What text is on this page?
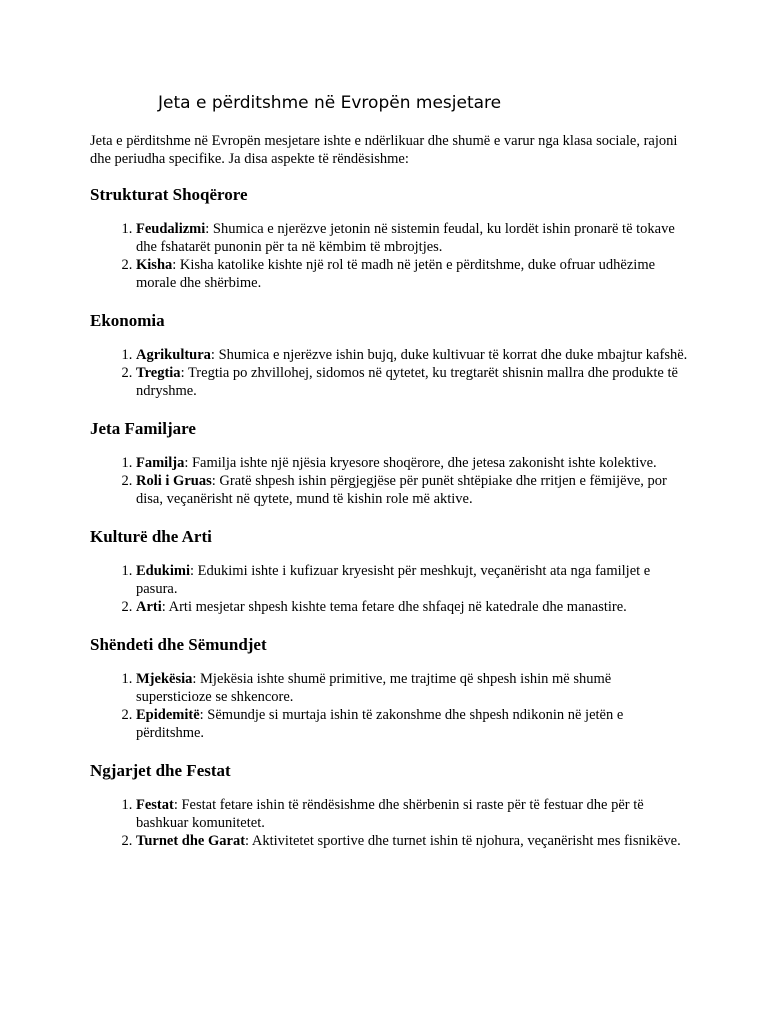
Jeta e përditshme në Evropën mesjetare

Jeta e përditshme në Evropën mesjetare ishte e ndërlikuar dhe shumë e varur nga klasa sociale, rajoni dhe periudha specifike. Ja disa aspekte të rëndësishme:

Strukturat Shoqërore
1. Feudalizmi: Shumica e njerëzve jetonin në sistemin feudal, ku lordët ishin pronarë të tokave dhe fshatarët punonin për ta në këmbim të mbrojtjes.
2. Kisha: Kisha katolike kishte një rol të madh në jetën e përditshme, duke ofruar udhëzime morale dhe shërbime.
Ekonomia
1. Agrikultura: Shumica e njerëzve ishin bujq, duke kultivuar të korrat dhe duke mbajtur kafshë.
2. Tregtia: Tregtia po zhvillohej, sidomos në qytetet, ku tregtarët shisnin mallra dhe produkte të ndryshme.
Jeta Familjare
1. Familja: Familja ishte një njësia kryesore shoqërore, dhe jetesa zakonisht ishte kolektive.
2. Roli i Gruas: Gratë shpesh ishin përgjegjëse për punët shtëpiake dhe rritjen e fëmijëve, por disa, veçanërisht në qytete, mund të kishin role më aktive.
Kulturë dhe Arti
1. Edukimi: Edukimi ishte i kufizuar kryesisht për meshkujt, veçanërisht ata nga familjet e pasura.
2. Arti: Arti mesjetar shpesh kishte tema fetare dhe shfaqej në katedrale dhe manastire.
Shëndeti dhe Sëmundjet
1. Mjekësia: Mjekësia ishte shumë primitive, me trajtime që shpesh ishin më shumë supersticioze se shkencore.
2. Epidemitë: Sëmundje si murtaja ishin të zakonshme dhe shpesh ndikonin në jetën e përditshme.
Ngjarjet dhe Festat
1. Festat: Festat fetare ishin të rëndësishme dhe shërbenin si raste për të festuar dhe për të bashkuar komunitetet.
2. Turnet dhe Garat: Aktivitetet sportive dhe turnet ishin të njohura, veçanërisht mes fisnikëve.
